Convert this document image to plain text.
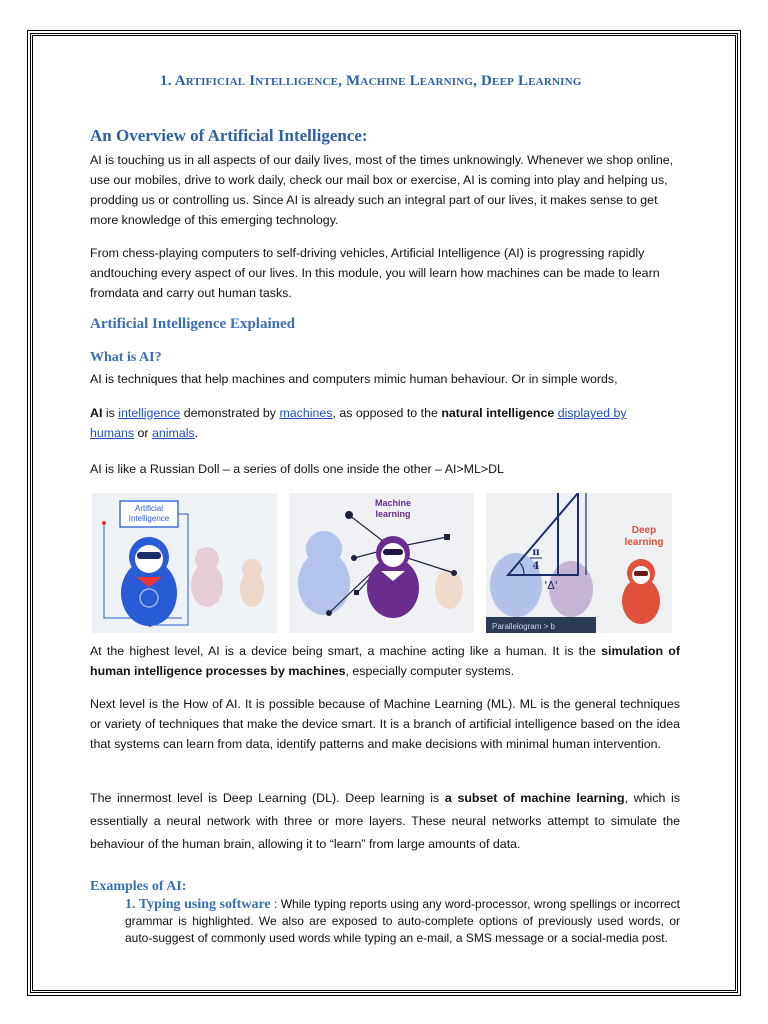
1. Artificial Intelligence, Machine Learning, Deep Learning
An Overview of Artificial Intelligence:
AI is touching us in all aspects of our daily lives, most of the times unknowingly. Whenever we shop online,
use our mobiles, drive to work daily, check our mail box or exercise, AI is coming into play and helping us,
prodding us or controlling us. Since AI is already such an integral part of our lives, it makes sense to get
more knowledge of this emerging technology.
From chess-playing computers to self-driving vehicles, Artificial Intelligence (AI) is progressing rapidly
andtouching every aspect of our lives. In this module, you will learn how machines can be made to learn
fromdata and carry out human tasks.
Artificial Intelligence Explained
What is AI?
AI is techniques that help machines and computers mimic human behaviour. Or in simple words,
AI is intelligence demonstrated by machines, as opposed to the natural intelligence displayed by
humans or animals.
AI is like a Russian Doll – a series of dolls one inside the other – AI>ML>DL
Artificial
Intelligence
Machine
learning
π
4
'Δ'
Deep
learning
Parallelogram > b
At the highest level, AI is a device being smart, a machine acting like a human. It is the simulation of human intelligence processes by machines, especially computer systems.
Next level is the How of AI. It is possible because of Machine Learning (ML). ML is the general techniques or variety of techniques that make the device smart. It is a branch of artificial intelligence based on the idea that systems can learn from data, identify patterns and make decisions with minimal human intervention.
The innermost level is Deep Learning (DL). Deep learning is a subset of machine learning, which is essentially a neural network with three or more layers. These neural networks attempt to simulate the behaviour of the human brain, allowing it to “learn” from large amounts of data.
Examples of AI:
1. Typing using software : While typing reports using any word-processor, wrong spellings or incorrect grammar is highlighted. We also are exposed to auto-complete options of previously used words, or auto-suggest of commonly used words while typing an e-mail, a SMS message or a social-media post.
